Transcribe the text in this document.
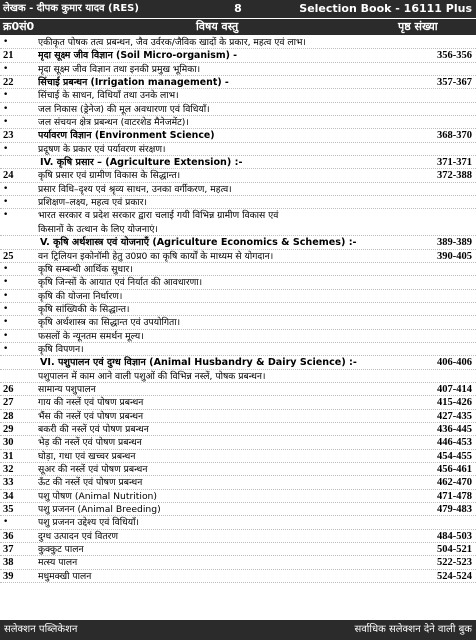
लेखक - दीपक कुमार यादव (RES)	8	Selection Book - 16111 Plus
क्र0सं0	विषय वस्तु	पृष्ठ संख्या
•	एकीकृत पोषक तत्व प्रबन्धन, जैव उर्वरक/जैविक खादों के प्रकार, महत्व एवं लाभ।
21	मृदा सूक्ष्म जीव विज्ञान (Soil Micro-organism) -	356-356
•	मृदा सूक्ष्म जीव विज्ञान तथा इनकी प्रमुख भूमिका।
22	सिंचाई प्रबन्धन (Irrigation management) -	357-367
•	सिंचाई के साधन, विधियाँ तथा उनके लाभ।
•	जल निकास (ड्रेनेज) की मूल अवधारणा एवं विधियाँ।
•	जल संचयन क्षेत्र प्रबन्धन (वाटरशेड मैनेजमेंट)।
23	पर्यावरण विज्ञान (Environment Science)	368-370
•	प्रदूषण के प्रकार एवं पर्यावरण संरक्षण।
IV. कृषि प्रसार – (Agriculture Extension) :-	371-371
24	कृषि प्रसार एवं ग्रामीण विकास के सिद्धान्त।	372-388
•	प्रसार विधि–दृश्य एवं श्रृव्य साधन, उनका वर्गीकरण, महत्व।
•	प्रशिक्षण–लक्ष्य, महत्व एवं प्रकार।
•	भारत सरकार व प्रदेश सरकार द्वारा चलाई गयी विभिन्न ग्रामीण विकास एवं
किसानों के उत्थान के लिए योजनाएं।
V. कृषि अर्थशास्त्र एवं योजनाएँ (Agriculture Economics & Schemes) :-	389-389
25	वन ट्रिलियन इकोनॉमी हेतु उ0प्र0 का कृषि कार्यों के माध्यम से योगदान।	390-405
•	कृषि सम्बन्धी आर्थिक सुधार।
•	कृषि जिन्सों के आयात एवं निर्यात की आवधारणा।
•	कृषि की योजना निर्धारण।
•	कृषि सांख्यिकी के सिद्धान्त।
•	कृषि अर्थशास्त्र का सिद्धान्त एवं उपयोगिता।
•	फसलों के न्यूनतम समर्थन मूल्य।
•	कृषि विपणन।
VI. पशुपालन एवं दुग्ध विज्ञान (Animal Husbandry & Dairy Science) :-	406-406
पशुपालन में काम आने वाली पशुओं की विभिन्न नस्लें, पोषक प्रबन्धन।
26	सामान्य पशुपालन	407-414
27	गाय की नस्लें एवं पोषण प्रबन्धन	415-426
28	भैंस की नस्लें एवं पोषण प्रबन्धन	427-435
29	बकरी की नस्लें एवं पोषण प्रबन्धन	436-445
30	भेड़ की नस्लें एवं पोषण प्रबन्धन	446-453
31	घोड़ा, गधा एवं खच्चर प्रबन्धन	454-455
32	सूअर की नस्लें एवं पोषण प्रबन्धन	456-461
33	ऊँट की नस्लें एवं पोषण प्रबन्धन	462-470
34	पशु पोषण (Animal Nutrition)	471-478
35	पशु प्रजनन (Animal Breeding)	479-483
•	पशु प्रजनन उद्देश्य एवं विधियाँ।
36	दुग्ध उत्पादन एवं वितरण	484-503
37	कुक्कुट पालन	504-521
38	मत्स्य पालन	522-523
39	मधुमक्खी पालन	524-524
सलेक्शन पब्लिकेशन	सर्वाधिक सलेक्शन देने वाली बुक
